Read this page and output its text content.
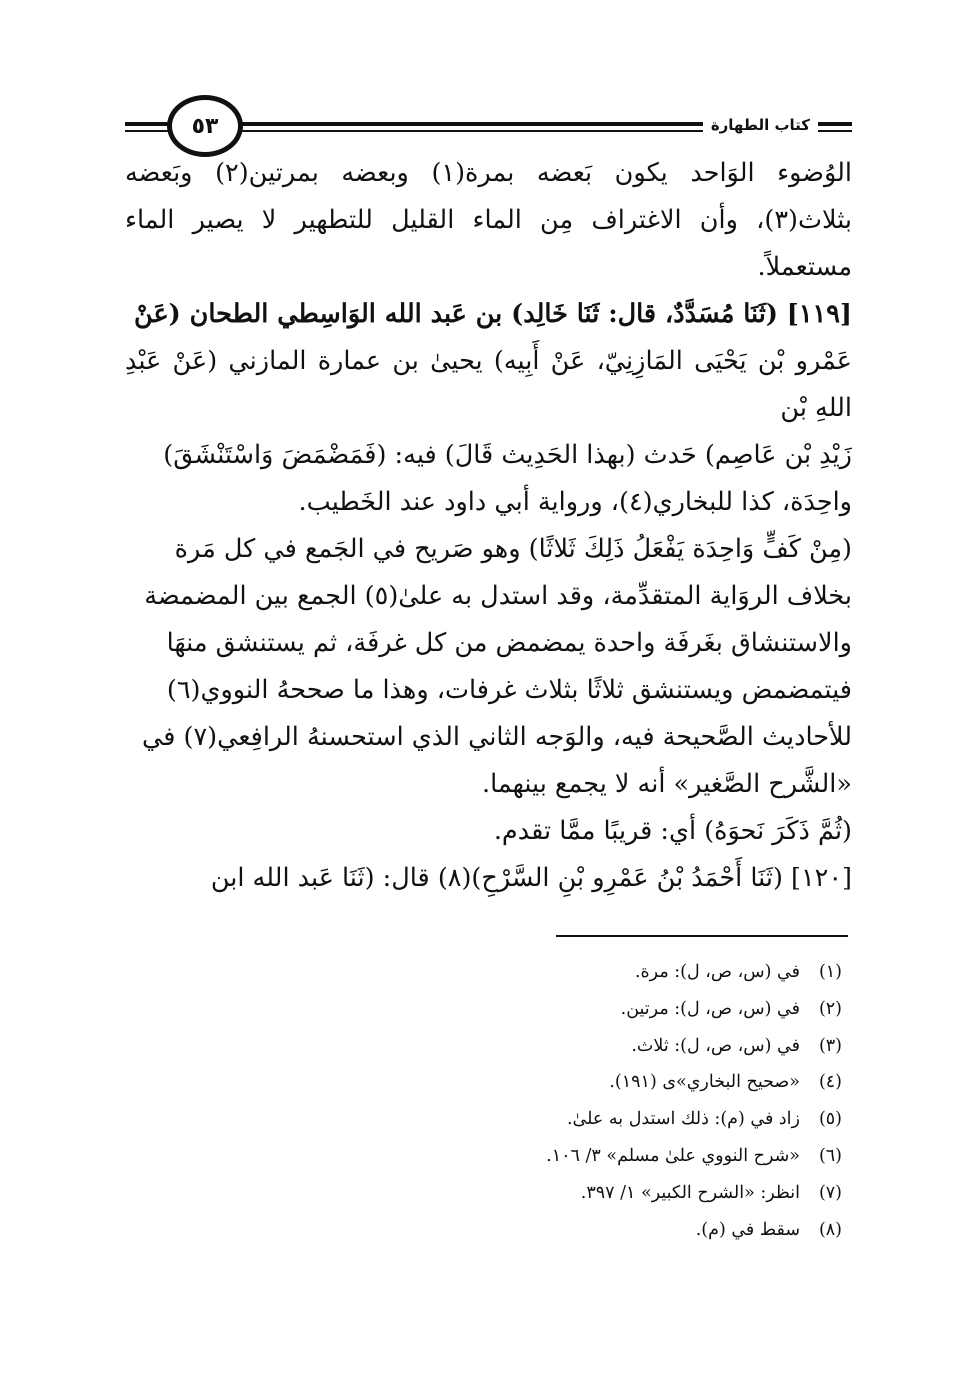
٥٣	كتاب الطهارة
الوُضوء الوَاحد يكون بَعضه بمرة(١) وبعضه بمرتين(٢) وبَعضه بثلاث(٣)، وأن الاغتراف مِن الماء القليل للتطهير لا يصير الماء مستعملاً.
[١١٩] (ثَنَا مُسَدَّدٌ، قال: ثَنَا خَالِد) بن عَبد الله الوَاسِطي الطحان (عَنْ
عَمْرو بْن يَحْيَى المَازِنِيّ، عَنْ أَبِيه) يحيىٰ بن عمارة المازني (عَنْ عَبْدِ اللهِ بْن
زَيْدِ بْن عَاصِم) حَدث (بهذا الحَدِيث قَالَ) فيه: (فَمَضْمَضَ وَاسْتَنْشَقَ)
واحِدَة، كذا للبخاري(٤)، ورواية أبي داود عند الخَطيب.
(مِنْ كَفٍّ وَاحِدَة يَفْعَلُ ذَلِكَ ثَلاثًا) وهو صَريح في الجَمع في كل مَرة
بخلاف الروَاية المتقدِّمة، وقد استدل به علىٰ(٥) الجمع بين المضمضة
والاستنشاق بغَرفَة واحدة يمضمض من كل غرفَة، ثم يستنشق منهَا
فيتمضمض ويستنشق ثلاثًا بثلاث غرفات، وهذا ما صححهُ النووي(٦)
للأحاديث الصَّحيحة فيه، والوَجه الثاني الذي استحسنهُ الرافِعي(٧) في
«الشَّرح الصَّغير» أنه لا يجمع بينهما.
(ثُمَّ ذَكَرَ نَحوَهُ) أي: قريبًا ممَّا تقدم.
[١٢٠] (ثَنَا أَحْمَدُ بْنُ عَمْرِو بْنِ السَّرْحِ)(٨) قال: (ثَنَا عَبد الله ابن
(١)في (س، ص، ل): مرة.
(٢)في (س، ص، ل): مرتين.
(٣)في (س، ص، ل): ثلاث.
(٤)«صحيح البخاري»ى (١٩١).
(٥)زاد في (م): ذلك استدل به علىٰ.
(٦)«شرح النووي علىٰ مسلم» ٣/ ١٠٦.
(٧)انظر: «الشرح الكبير» ١/ ٣٩٧.
(٨)سقط في (م).
